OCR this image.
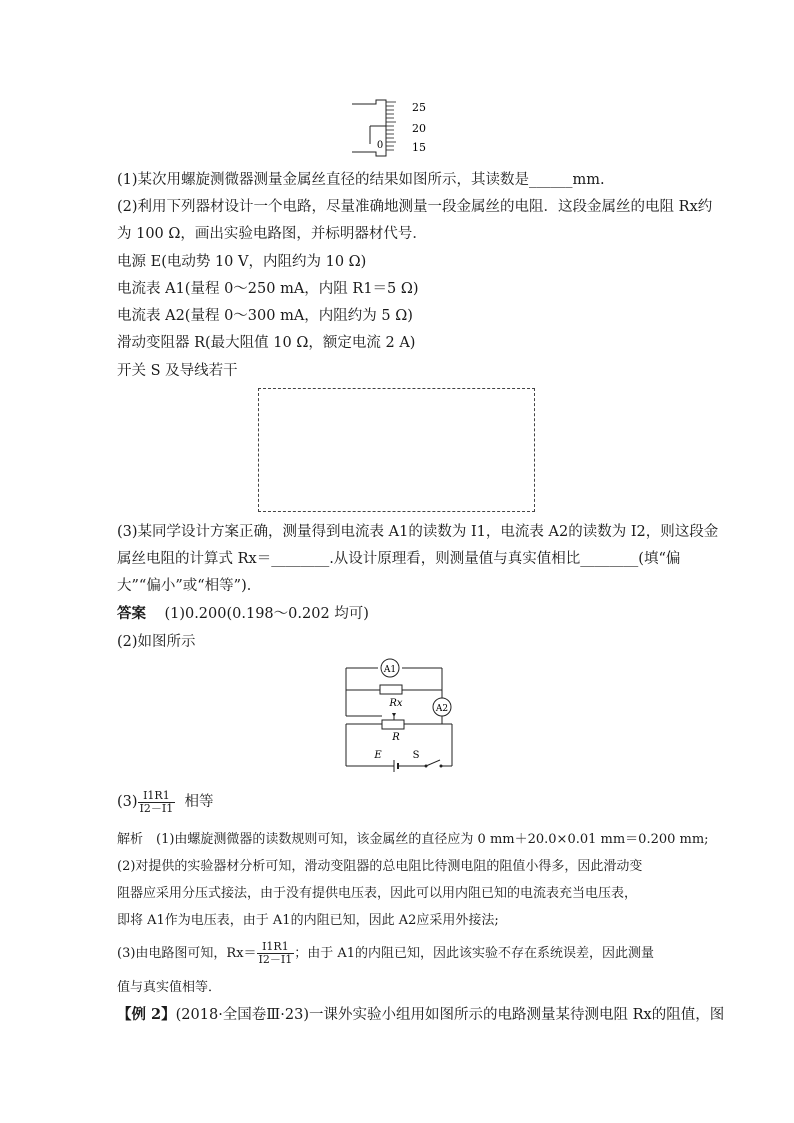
0
25
20
15
(1)某次用螺旋测微器测量金属丝直径的结果如图所示，其读数是______mm.
(2)利用下列器材设计一个电路，尽量准确地测量一段金属丝的电阻．这段金属丝的电阻 Rx约
为 100 Ω，画出实验电路图，并标明器材代号．
电源 E(电动势 10 V，内阻约为 10 Ω)
电流表 A1(量程 0～250 mA，内阻 R1＝5 Ω)
电流表 A2(量程 0～300 mA，内阻约为 5 Ω)
滑动变阻器 R(最大阻值 10 Ω，额定电流 2 A)
开关 S 及导线若干
(3)某同学设计方案正确，测量得到电流表 A1的读数为 I1，电流表 A2的读数为 I2，则这段金
属丝电阻的计算式 Rx＝________.从设计原理看，则测量值与真实值相比________(填“偏
大”“偏小”或“相等”)．
答案 (1)0.200(0.198～0.202 均可)
(2)如图所示
A1
A2
Rx
R
E	S
$(3) \frac{I1R1}{I2-I1}$ 相等
解析　(1)由螺旋测微器的读数规则可知，该金属丝的直径应为 0 mm＋20.0×0.01 mm＝0.200 mm;
(2)对提供的实验器材分析可知，滑动变阻器的总电阻比待测电阻的阻值小得多，因此滑动变
阻器应采用分压式接法，由于没有提供电压表，因此可以用内阻已知的电流表充当电压表，
即将 A1作为电压表，由于 A1的内阻已知，因此 A2应采用外接法;
(3)由电路图可知，$Rx= \frac{I1R1}{I2-I1}$ ；由于 A1的内阻已知，因此该实验不存在系统误差，因此测量
值与真实值相等．
【例 2】(2018·全国卷Ⅲ·23)一课外实验小组用如图所示的电路测量某待测电阻 Rx的阻值，图
